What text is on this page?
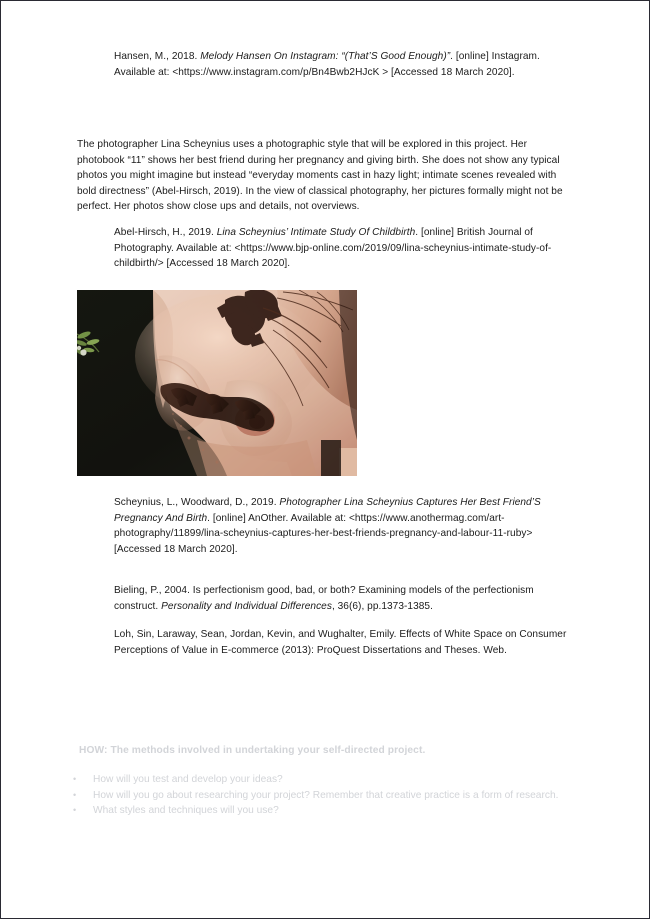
Hansen, M., 2018. Melody Hansen On Instagram: “(That’S Good Enough)”. [online] Instagram. Available at: <https://www.instagram.com/p/Bn4Bwb2HJcK > [Accessed 18 March 2020].
The photographer Lina Scheynius uses a photographic style that will be explored in this project. Her photobook “11” shows her best friend during her pregnancy and giving birth. She does not show any typical photos you might imagine but instead “everyday moments cast in hazy light; intimate scenes revealed with bold directness” (Abel-Hirsch, 2019). In the view of classical photography, her pictures formally might not be perfect. Her photos show close ups and details, not overviews.
Abel-Hirsch, H., 2019. Lina Scheynius’ Intimate Study Of Childbirth. [online] British Journal of Photography. Available at: <https://www.bjp-online.com/2019/09/lina-scheynius-intimate-study-of-childbirth/> [Accessed 18 March 2020].
Scheynius, L., Woodward, D., 2019. Photographer Lina Scheynius Captures Her Best Friend’S Pregnancy And Birth. [online] AnOther. Available at: <https://www.anothermag.com/art-photography/11899/lina-scheynius-captures-her-best-friends-pregnancy-and-labour-11-ruby> [Accessed 18 March 2020].
Bieling, P., 2004. Is perfectionism good, bad, or both? Examining models of the perfectionism construct. Personality and Individual Differences, 36(6), pp.1373-1385.
Loh, Sin, Laraway, Sean, Jordan, Kevin, and Wughalter, Emily. Effects of White Space on Consumer Perceptions of Value in E-commerce (2013): ProQuest Dissertations and Theses. Web.
HOW: The methods involved in undertaking your self-directed project.
• How will you test and develop your ideas?
• How will you go about researching your project? Remember that creative practice is a form of research.
• What styles and techniques will you use?
